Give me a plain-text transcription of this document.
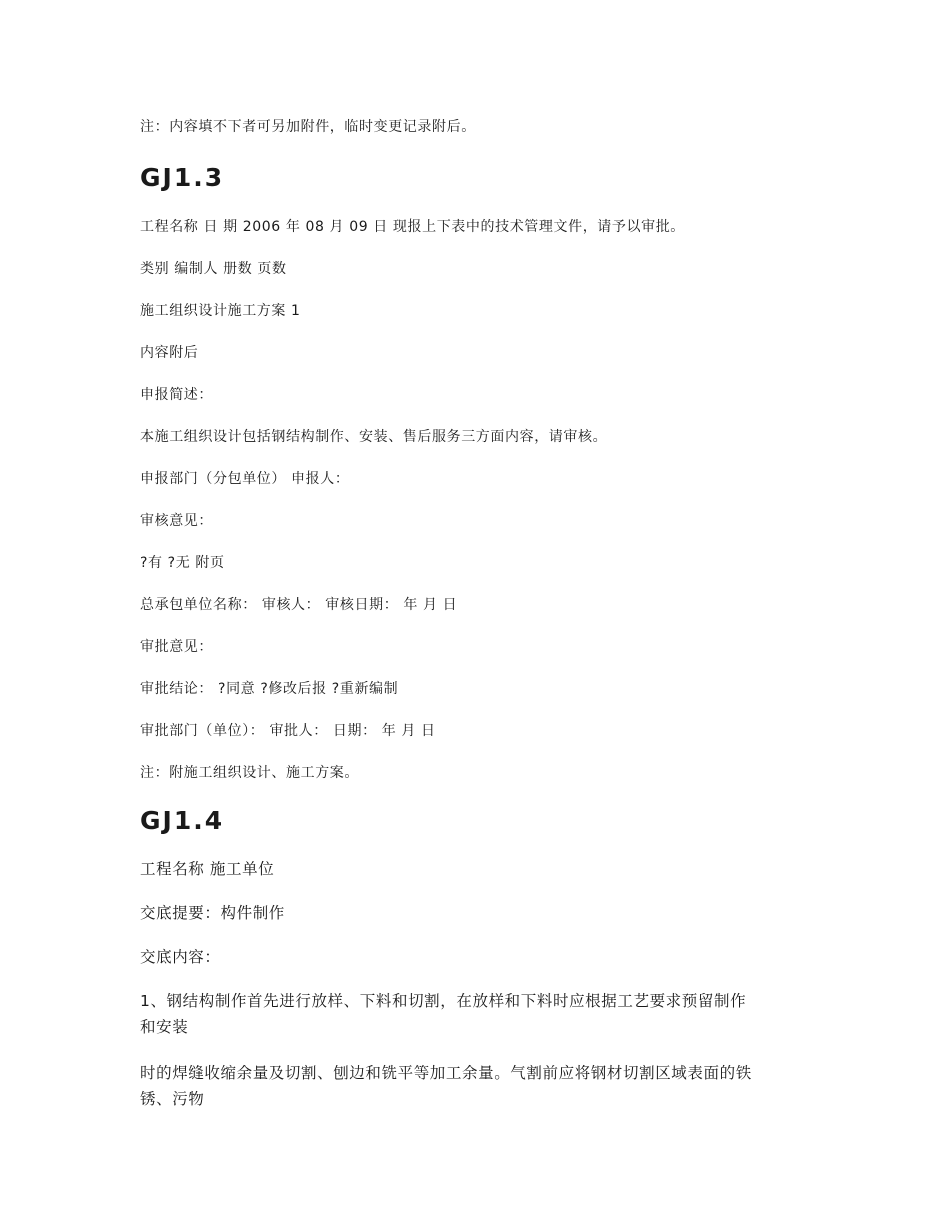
注：内容填不下者可另加附件，临时变更记录附后。

GJ1.3

工程名称 日 期 2006 年 08 月 09 日 现报上下表中的技术管理文件，请予以审批。

类别 编制人 册数 页数

施工组织设计施工方案 1

内容附后

申报简述：

本施工组织设计包括钢结构制作、安装、售后服务三方面内容，请审核。

申报部门（分包单位） 申报人：

审核意见：

?有 ?无 附页

总承包单位名称： 审核人： 审核日期： 年 月 日

审批意见：

审批结论： ?同意 ?修改后报 ?重新编制

审批部门（单位）： 审批人： 日期： 年 月 日

注：附施工组织设计、施工方案。

GJ1.4

工程名称 施工单位

交底提要：构件制作

交底内容：

1、钢结构制作首先进行放样、下料和切割，在放样和下料时应根据工艺要求预留制作

和安装

时的焊缝收缩余量及切割、刨边和铣平等加工余量。气割前应将钢材切割区域表面的铁

锈、污物
